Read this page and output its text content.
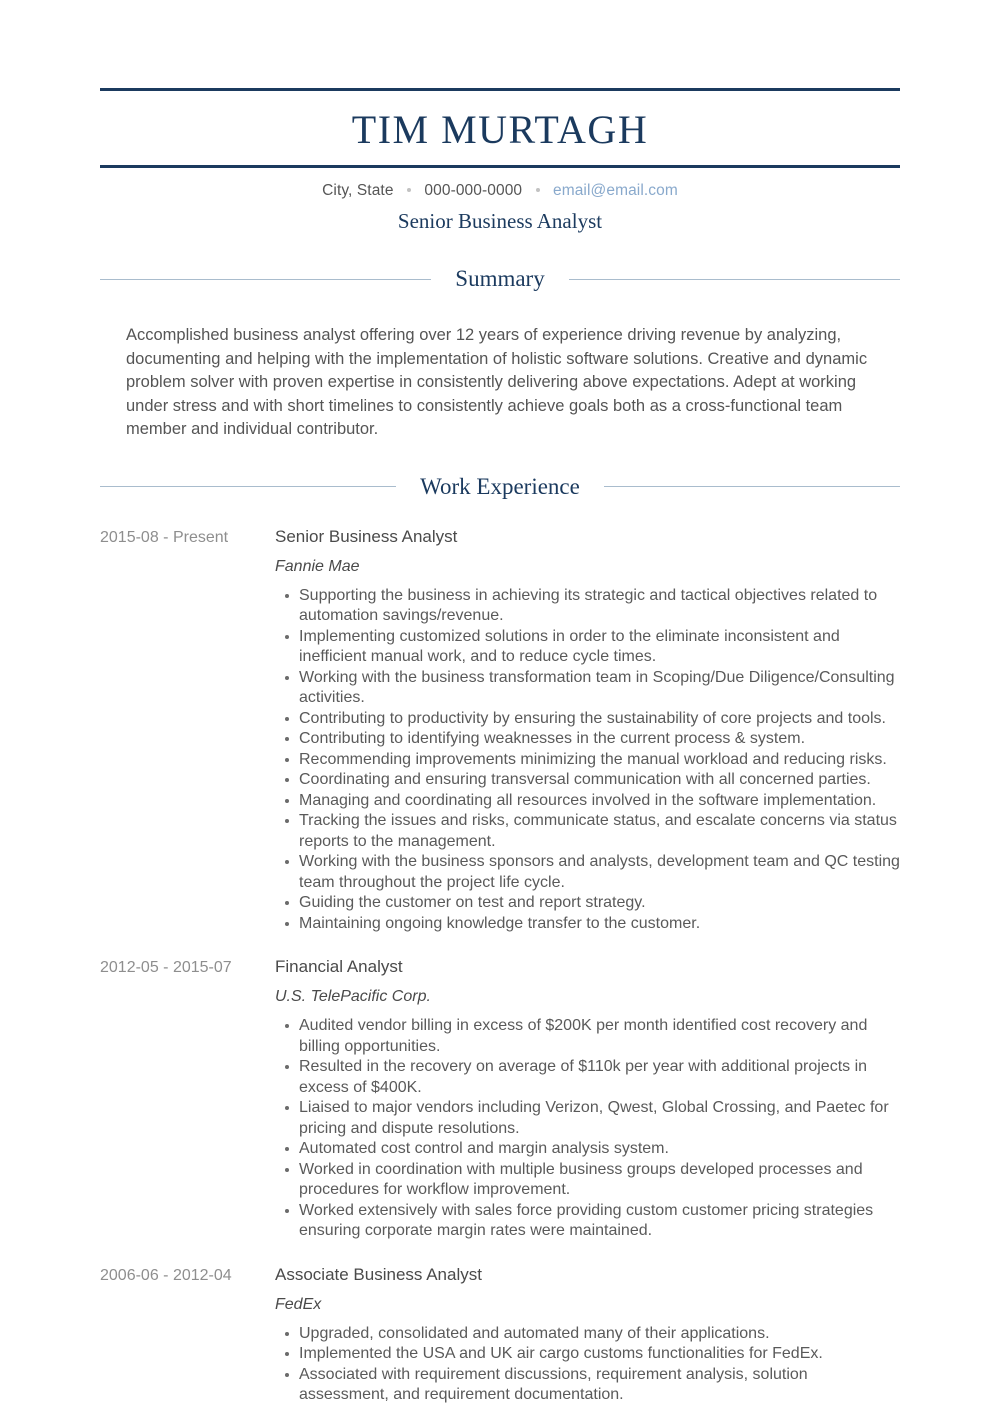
TIM MURTAGH
City, State 000-000-0000 email@email.com
Senior Business Analyst
Summary
Accomplished business analyst offering over 12 years of experience driving revenue by analyzing, documenting and helping with the implementation of holistic software solutions. Creative and dynamic problem solver with proven expertise in consistently delivering above expectations. Adept at working under stress and with short timelines to consistently achieve goals both as a cross-functional team member and individual contributor.
Work Experience
2015-08 - Present	Senior Business Analyst
Fannie Mae
Supporting the business in achieving its strategic and tactical objectives related to automation savings/revenue.
Implementing customized solutions in order to the eliminate inconsistent and inefficient manual work, and to reduce cycle times.
Working with the business transformation team in Scoping/Due Diligence/Consulting activities.
Contributing to productivity by ensuring the sustainability of core projects and tools.
Contributing to identifying weaknesses in the current process & system.
Recommending improvements minimizing the manual workload and reducing risks.
Coordinating and ensuring transversal communication with all concerned parties.
Managing and coordinating all resources involved in the software implementation.
Tracking the issues and risks, communicate status, and escalate concerns via status reports to the management.
Working with the business sponsors and analysts, development team and QC testing team throughout the project life cycle.
Guiding the customer on test and report strategy.
Maintaining ongoing knowledge transfer to the customer.
2012-05 - 2015-07	Financial Analyst
U.S. TelePacific Corp.
Audited vendor billing in excess of $200K per month identified cost recovery and billing opportunities.
Resulted in the recovery on average of $110k per year with additional projects in excess of $400K.
Liaised to major vendors including Verizon, Qwest, Global Crossing, and Paetec for pricing and dispute resolutions.
Automated cost control and margin analysis system.
Worked in coordination with multiple business groups developed processes and procedures for workflow improvement.
Worked extensively with sales force providing custom customer pricing strategies ensuring corporate margin rates were maintained.
2006-06 - 2012-04	Associate Business Analyst
FedEx
Upgraded, consolidated and automated many of their applications.
Implemented the USA and UK air cargo customs functionalities for FedEx.
Associated with requirement discussions, requirement analysis, solution assessment, and requirement documentation.
